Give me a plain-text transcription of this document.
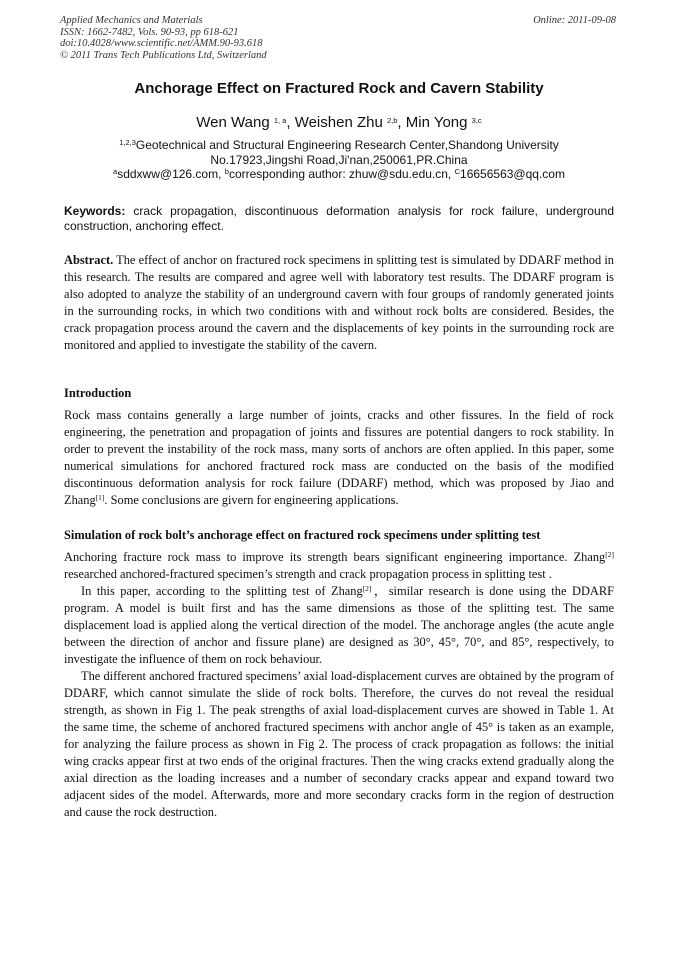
Applied Mechanics and Materials
ISSN: 1662-7482, Vols. 90-93, pp 618-621
doi:10.4028/www.scientific.net/AMM.90-93.618
© 2011 Trans Tech Publications Ltd, Switzerland
Online: 2011-09-08
Anchorage Effect on Fractured Rock and Cavern Stability
Wen Wang $^{1, a}$, Weishen Zhu $^{2,b}$, Min Yong $^{3,c}$
$^{1,2,3}$Geotechnical and Structural Engineering Research Center,Shandong University
No.17923,Jingshi Road,Ji'nan,250061,PR.China
$^a$sddxww@126.com, $^b$corresponding author: zhuw@sdu.edu.cn, $^C$16656563@qq.com
Keywords: crack propagation, discontinuous deformation analysis for rock failure, underground construction, anchoring effect.

Abstract. The effect of anchor on fractured rock specimens in splitting test is simulated by DDARF method in this research. The results are compared and agree well with laboratory test results. The DDARF program is also adopted to analyze the stability of an underground cavern with four groups of randomly generated joints in the surrounding rocks, in which two conditions with and without rock bolts are considered. Besides, the crack propagation process around the cavern and the displacements of key points in the surrounding rock are monitored and applied to investigate the stability of the cavern.

Introduction

Rock mass contains generally a large number of joints, cracks and other fissures. In the field of rock engineering, the penetration and propagation of joints and fissures are potential dangers to rock stability. In order to prevent the instability of the rock mass, many sorts of anchors are often applied. In this paper, some numerical simulations for anchored fractured rock mass are conducted on the basis of the modified discontinuous deformation analysis for rock failure (DDARF) method, which was proposed by Jiao and Zhang[1]. Some conclusions are givern for engineering applications.

Simulation of rock bolt’s anchorage effect on fractured rock specimens under splitting test

Anchoring fracture rock mass to improve its strength bears significant engineering importance. Zhang[2] researched anchored-fractured specimen’s strength and crack propagation process in splitting test .

In this paper, according to the splitting test of Zhang[2]，similar research is done using the DDARF program. A model is built first and has the same dimensions as those of the splitting test. The same displacement load is applied along the vertical direction of the model. The anchorage angles (the acute angle between the direction of anchor and fissure plane) are designed as 30°, 45°, 70°, and 85°, respectively, to investigate the influence of them on rock behaviour.

The different anchored fractured specimens’ axial load-displacement curves are obtained by the program of DDARF, which cannot simulate the slide of rock bolts. Therefore, the curves do not reveal the residual strength, as shown in Fig 1. The peak strengths of axial load-displacement curves are showed in Table 1. At the same time, the scheme of anchored fractured specimens with anchor angle of 45° is taken as an example, for analyzing the failure process as shown in Fig 2. The process of crack propagation as follows: the initial wing cracks appear first at two ends of the original fractures. Then the wing cracks extend gradually along the axial direction as the loading increases and a number of secondary cracks appear and expand toward two adjacent sides of the model. Afterwards, more and more secondary cracks form in the region of destruction and cause the rock destruction.
